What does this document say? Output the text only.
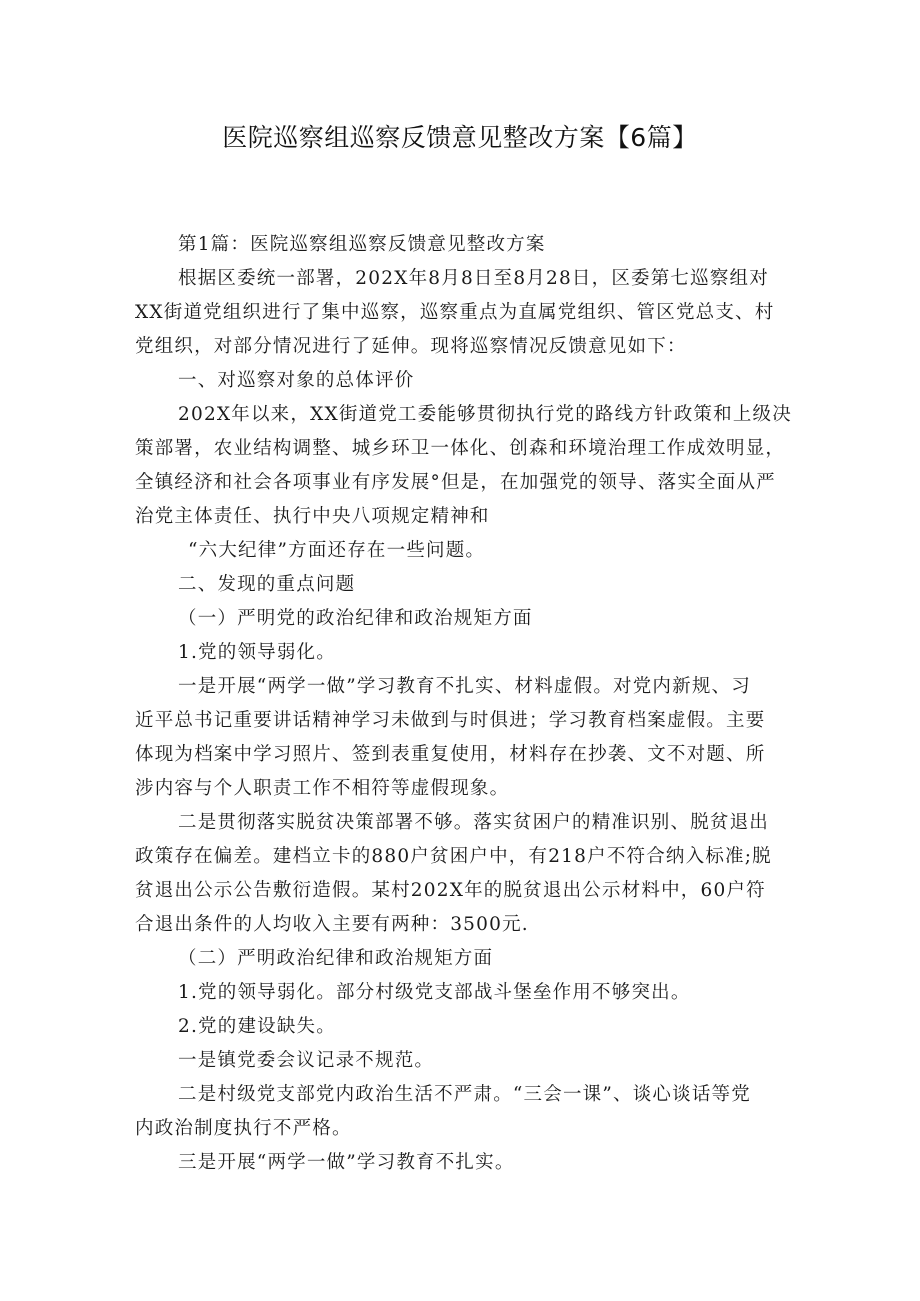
医院巡察组巡察反馈意见整改方案【6篇】
第1篇：医院巡察组巡察反馈意见整改方案
根据区委统一部署，202X年8月8日至8月28日，区委第七巡察组对
XX街道党组织进行了集中巡察，巡察重点为直属党组织、管区党总支、村
党组织，对部分情况进行了延伸。现将巡察情况反馈意见如下：
一、对巡察对象的总体评价
202X年以来，XX街道党工委能够贯彻执行党的路线方针政策和上级决
策部署，农业结构调整、城乡环卫一体化、创森和环境治理工作成效明显，
全镇经济和社会各项事业有序发展°但是，在加强党的领导、落实全面从严
治党主体责任、执行中央八项规定精神和
“六大纪律”方面还存在一些问题。
二、发现的重点问题
（一）严明党的政治纪律和政治规矩方面
1.党的领导弱化。
一是开展“两学一做”学习教育不扎实、材料虚假。对党内新规、习
近平总书记重要讲话精神学习未做到与时俱进；学习教育档案虚假。主要
体现为档案中学习照片、签到表重复使用，材料存在抄袭、文不对题、所
涉内容与个人职责工作不相符等虚假现象。
二是贯彻落实脱贫决策部署不够。落实贫困户的精准识别、脱贫退出
政策存在偏差。建档立卡的880户贫困户中，有218户不符合纳入标准;脱
贫退出公示公告敷衍造假。某村202X年的脱贫退出公示材料中，60户符
合退出条件的人均收入主要有两种：3500元.
（二）严明政治纪律和政治规矩方面
1.党的领导弱化。部分村级党支部战斗堡垒作用不够突出。
2.党的建设缺失。
一是镇党委会议记录不规范。
二是村级党支部党内政治生活不严肃。“三会一课”、谈心谈话等党
内政治制度执行不严格。
三是开展“两学一做”学习教育不扎实。
